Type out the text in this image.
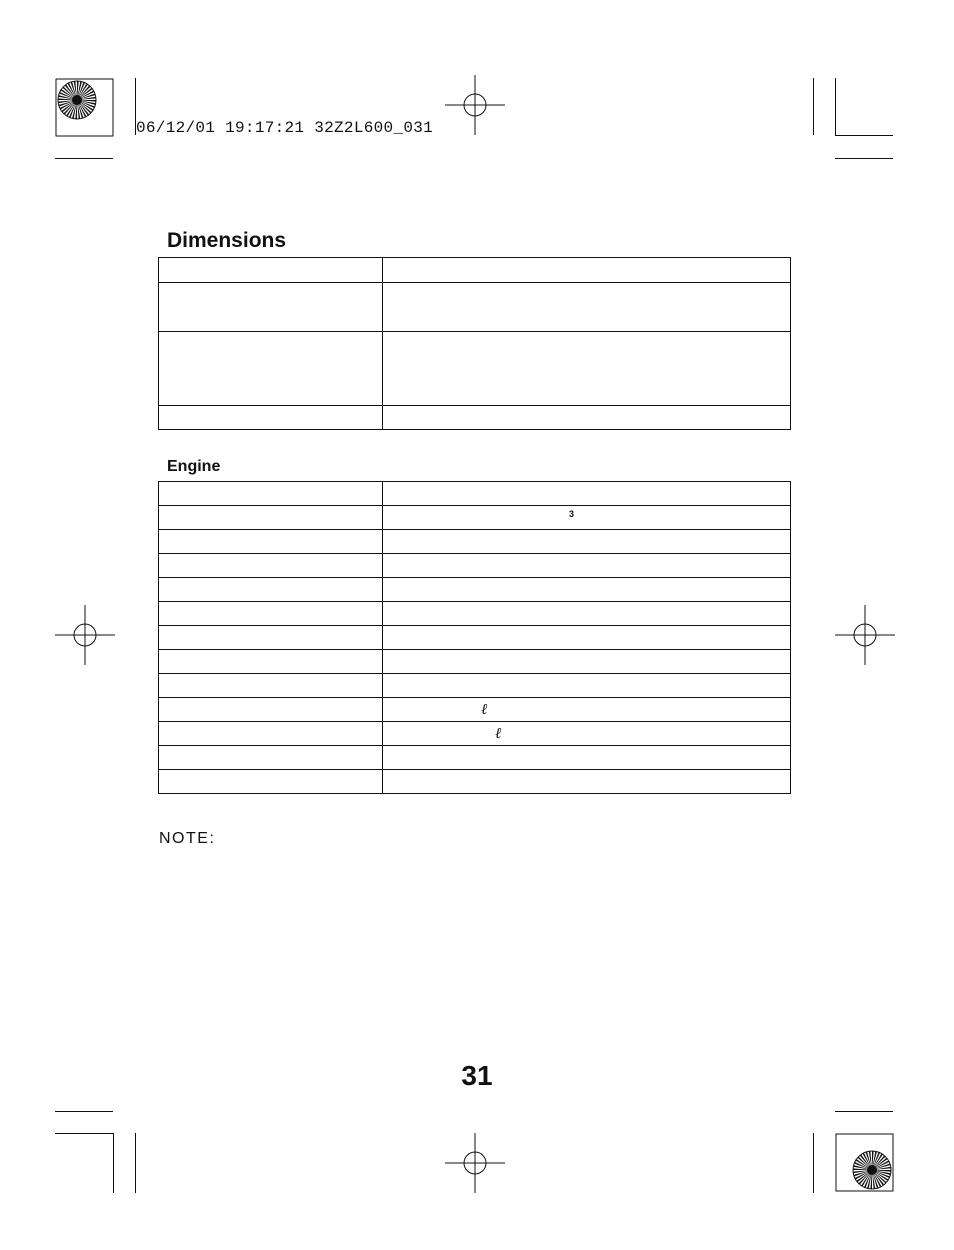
06/12/01 19:17:21 32Z2L600_031
Dimensions

Engine

	3

	ℓ

	ℓ

NOTE:
31
